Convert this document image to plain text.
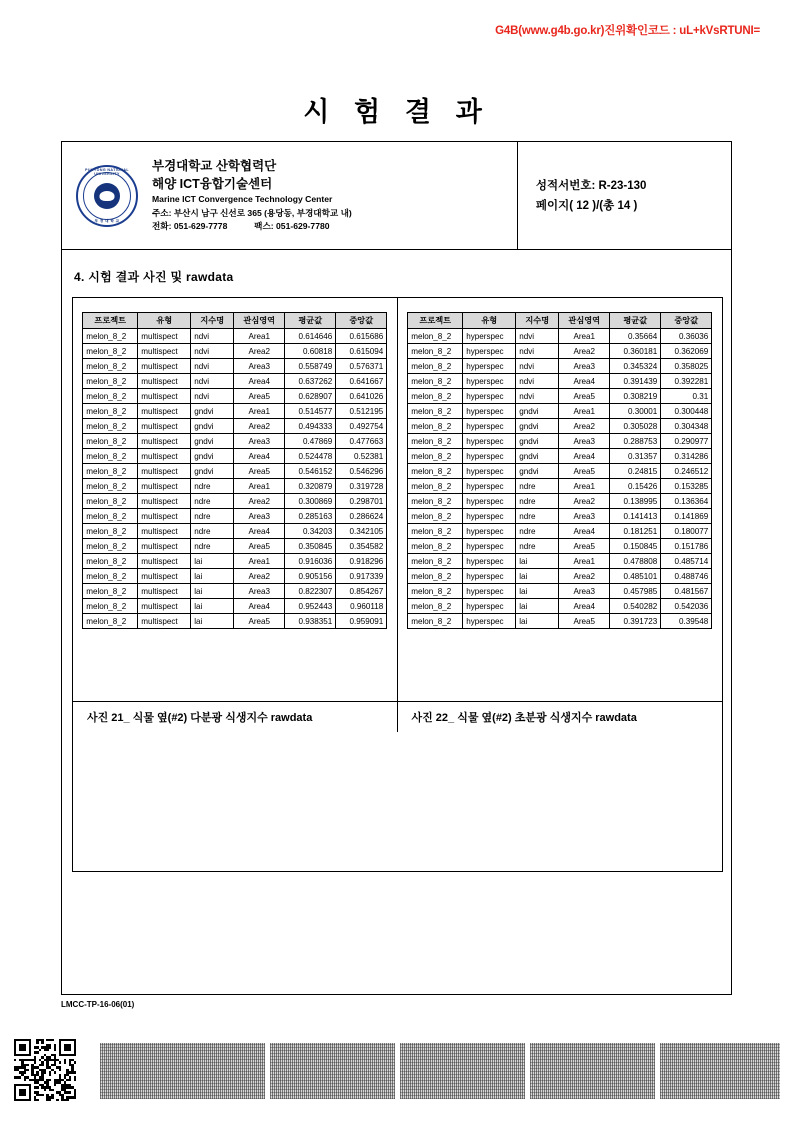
G4B(www.g4b.go.kr)진위확인코드 : uL+kVsRTUNI=
시 험 결 과
PUKYONG NATIONAL UNIVERSITY
부 경 대 학 교
부경대학교 산학협력단
해양 ICT융합기술센터
Marine ICT Convergence Technology Center
주소: 부산시 남구 신선로 365 (용당동, 부경대학교 내)
전화: 051-629-7778	팩스: 051-629-7780
성적서번호: R-23-130
페이지( 12 )/(총 14 )
4. 시험 결과 사진 및 rawdata
프로젝트	유형	지수명	관심영역	평균값	중앙값
melon_8_2	multispect	ndvi	Area1	0.614646	0.615686
melon_8_2	multispect	ndvi	Area2	0.60818	0.615094
melon_8_2	multispect	ndvi	Area3	0.558749	0.576371
melon_8_2	multispect	ndvi	Area4	0.637262	0.641667
melon_8_2	multispect	ndvi	Area5	0.628907	0.641026
melon_8_2	multispect	gndvi	Area1	0.514577	0.512195
melon_8_2	multispect	gndvi	Area2	0.494333	0.492754
melon_8_2	multispect	gndvi	Area3	0.47869	0.477663
melon_8_2	multispect	gndvi	Area4	0.524478	0.52381
melon_8_2	multispect	gndvi	Area5	0.546152	0.546296
melon_8_2	multispect	ndre	Area1	0.320879	0.319728
melon_8_2	multispect	ndre	Area2	0.300869	0.298701
melon_8_2	multispect	ndre	Area3	0.285163	0.286624
melon_8_2	multispect	ndre	Area4	0.34203	0.342105
melon_8_2	multispect	ndre	Area5	0.350845	0.354582
melon_8_2	multispect	lai	Area1	0.916036	0.918296
melon_8_2	multispect	lai	Area2	0.905156	0.917339
melon_8_2	multispect	lai	Area3	0.822307	0.854267
melon_8_2	multispect	lai	Area4	0.952443	0.960118
melon_8_2	multispect	lai	Area5	0.938351	0.959091
프로젝트	유형	지수명	관심영역	평균값	중앙값
melon_8_2	hyperspec	ndvi	Area1	0.35664	0.36036
melon_8_2	hyperspec	ndvi	Area2	0.360181	0.362069
melon_8_2	hyperspec	ndvi	Area3	0.345324	0.358025
melon_8_2	hyperspec	ndvi	Area4	0.391439	0.392281
melon_8_2	hyperspec	ndvi	Area5	0.308219	0.31
melon_8_2	hyperspec	gndvi	Area1	0.30001	0.300448
melon_8_2	hyperspec	gndvi	Area2	0.305028	0.304348
melon_8_2	hyperspec	gndvi	Area3	0.288753	0.290977
melon_8_2	hyperspec	gndvi	Area4	0.31357	0.314286
melon_8_2	hyperspec	gndvi	Area5	0.24815	0.246512
melon_8_2	hyperspec	ndre	Area1	0.15426	0.153285
melon_8_2	hyperspec	ndre	Area2	0.138995	0.136364
melon_8_2	hyperspec	ndre	Area3	0.141413	0.141869
melon_8_2	hyperspec	ndre	Area4	0.181251	0.180077
melon_8_2	hyperspec	ndre	Area5	0.150845	0.151786
melon_8_2	hyperspec	lai	Area1	0.478808	0.485714
melon_8_2	hyperspec	lai	Area2	0.485101	0.488746
melon_8_2	hyperspec	lai	Area3	0.457985	0.481567
melon_8_2	hyperspec	lai	Area4	0.540282	0.542036
melon_8_2	hyperspec	lai	Area5	0.391723	0.39548
사진 21_ 식물 옆(#2) 다분광 식생지수 rawdata	사진 22_ 식물 옆(#2) 초분광 식생지수 rawdata
LMCC-TP-16-06(01)
